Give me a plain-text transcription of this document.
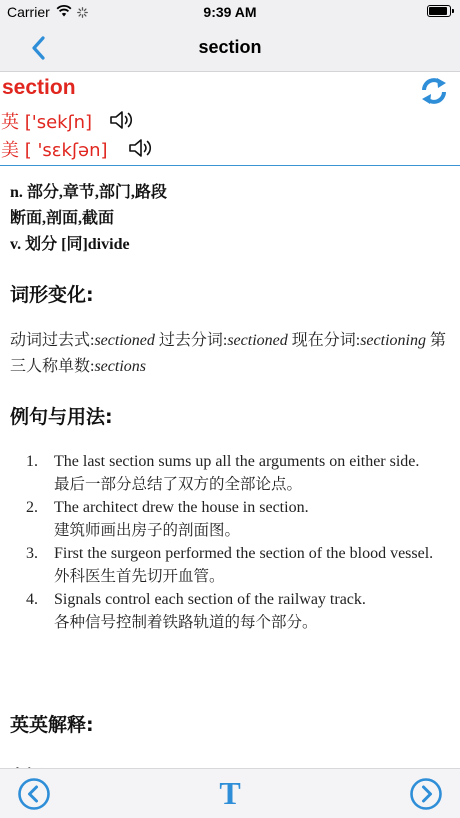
Carrier	9:39 AM
section
section
英 ['sekʃn]
美 [ 'sɛkʃən]
n. 部分,章节,部门,路段
断面,剖面,截面
v. 划分 [同]divide
词形变化:
动词过去式:sectioned 过去分词:sectioned 现在分词:sectioning 第三人称单数:sections
例句与用法:
1. The last section sums up all the arguments on either side.
最后一部分总结了双方的全部论点。
2. The architect drew the house in section.
建筑师画出房子的剖面图。
3. First the surgeon performed the section of the blood vessel.
外科医生首先切开血管。
4. Signals control each section of the railway track.
各种信号控制着铁路轨道的每个部分。
英英解释:
T
